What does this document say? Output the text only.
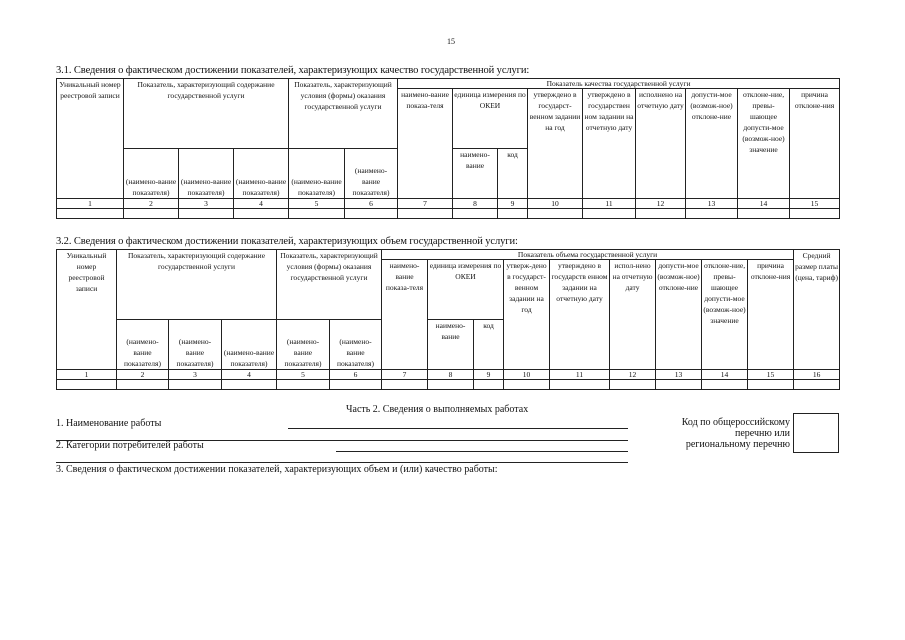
15
3.1. Сведения о фактическом достижении показателей, характеризующих качество государственной услуги:
Уникальный номер реестровой записи	Показатель, характеризующий содержание государственной услуги			Показатель, характеризующий условия (формы) оказания государственной услуги		Показатель качества государственной услуги								
						наимено-вание показа-теля	единица измерения по ОКЕИ		утверждено в государст-венном задании на год	утверждено в государствен ном задании на отчетную дату	исполнено на отчетную дату	допусти-мое (возмож-ное) отклоне-ние	отклоне-ние, превы-шающее допусти-мое (возмож-ное) значение	причина отклоне-ния
	(наимено-вание показателя)	(наимено-вание показателя)	(наимено-вание показателя)	(наимено-вание показателя)	(наимено-вание показателя)		наимено-вание	код						

1	2	3	4	5	6	7	8	9	10	11	12	13	14	15

3.2. Сведения о фактическом достижении показателей, характеризующих объем государственной услуги:
Уникальный номер реестровой записи	Показатель, характеризующий содержание государственной услуги			Показатель, характеризующий условия (формы) оказания государственной услуги		Показатель объема государственной услуги									Средний размер платы (цена, тариф)
						наимено-вание показа-теля	единица измерения по ОКЕИ		утверж-дено в государст-венном задании на год	утверждено в государств енном задании на отчетную дату	испол-нено на отчетную дату	допусти-мое (возмож-ное) отклоне-ние	отклоне-ние, превы-шающее допусти-мое (возмож-ное) значение	причина отклоне-ния	
	(наимено-вание показателя)	(наимено-вание показателя)	(наимено-вание показателя)	(наимено-вание показателя)	(наимено-вание показателя)		наимено-вание	код							

1	2	3	4	5	6	7	8	9	10	11	12	13	14	15	16

Часть 2. Сведения о выполняемых работах
1. Наименование работы
2. Категории потребителей работы
Код по общероссийскому
перечню или
региональному перечню
3. Сведения о фактическом достижении показателей, характеризующих объем и (или) качество работы:
